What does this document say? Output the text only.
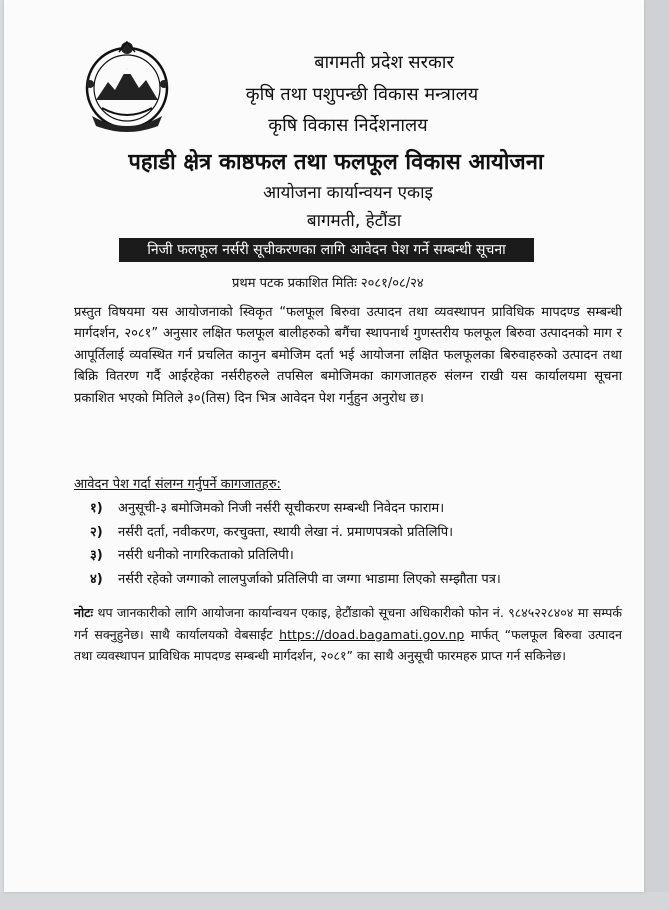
बागमती प्रदेश सरकार
कृषि तथा पशुपन्छी विकास मन्त्रालय
कृषि विकास निर्देशनालय
पहाडी क्षेत्र काष्ठफल तथा फलफूल विकास आयोजना
आयोजना कार्यान्वयन एकाइ
बागमती, हेटौंडा
निजी फलफूल नर्सरी सूचीकरणका लागि आवेदन पेश गर्ने सम्बन्धी सूचना
प्रथम पटक प्रकाशित मितिः २०८१/०८/२४
प्रस्तुत विषयमा यस आयोजनाको स्विकृत “फलफूल बिरुवा उत्पादन तथा व्यवस्थापन प्राविधिक मापदण्ड सम्बन्धी मार्गदर्शन, २०८१” अनुसार लक्षित फलफूल बालीहरुको बगैंचा स्थापनार्थ गुणस्तरीय फलफूल बिरुवा उत्पादनको माग र आपूर्तिलाई व्यवस्थित गर्न प्रचलित कानुन बमोजिम दर्ता भई आयोजना लक्षित फलफूलका बिरुवाहरुको उत्पादन तथा बिक्रि वितरण गर्दै आईरहेका नर्सरीहरुले तपसिल बमोजिमका कागजातहरु संलग्न राखी यस कार्यालयमा सूचना प्रकाशित भएको मितिले ३०(तिस) दिन भित्र आवेदन पेश गर्नुहुन अनुरोध छ।
आवेदन पेश गर्दा संलग्न गर्नुपर्ने कागजातहरु:
१)	अनुसूची-३ बमोजिमको निजी नर्सरी सूचीकरण सम्बन्धी निवेदन फाराम।
२)	नर्सरी दर्ता, नवीकरण, करचुक्ता, स्थायी लेखा नं. प्रमाणपत्रको प्रतिलिपि।
३)	नर्सरी धनीको नागरिकताको प्रतिलिपी।
४)	नर्सरी रहेको जग्गाको लालपुर्जाको प्रतिलिपी वा जग्गा भाडामा लिएको सम्झौता पत्र।
नोटः थप जानकारीको लागि आयोजना कार्यान्वयन एकाइ, हेटौंडाको सूचना अधिकारीको फोन नं. ९८४५२२८४०४ मा सम्पर्क गर्न सक्नुहुनेछ। साथै कार्यालयको वेबसाईट https://doad.bagamati.gov.np मार्फत् “फलफूल बिरुवा उत्पादन तथा व्यवस्थापन प्राविधिक मापदण्ड सम्बन्धी मार्गदर्शन, २०८१” का साथै अनुसूची फारमहरु प्राप्त गर्न सकिनेछ।
